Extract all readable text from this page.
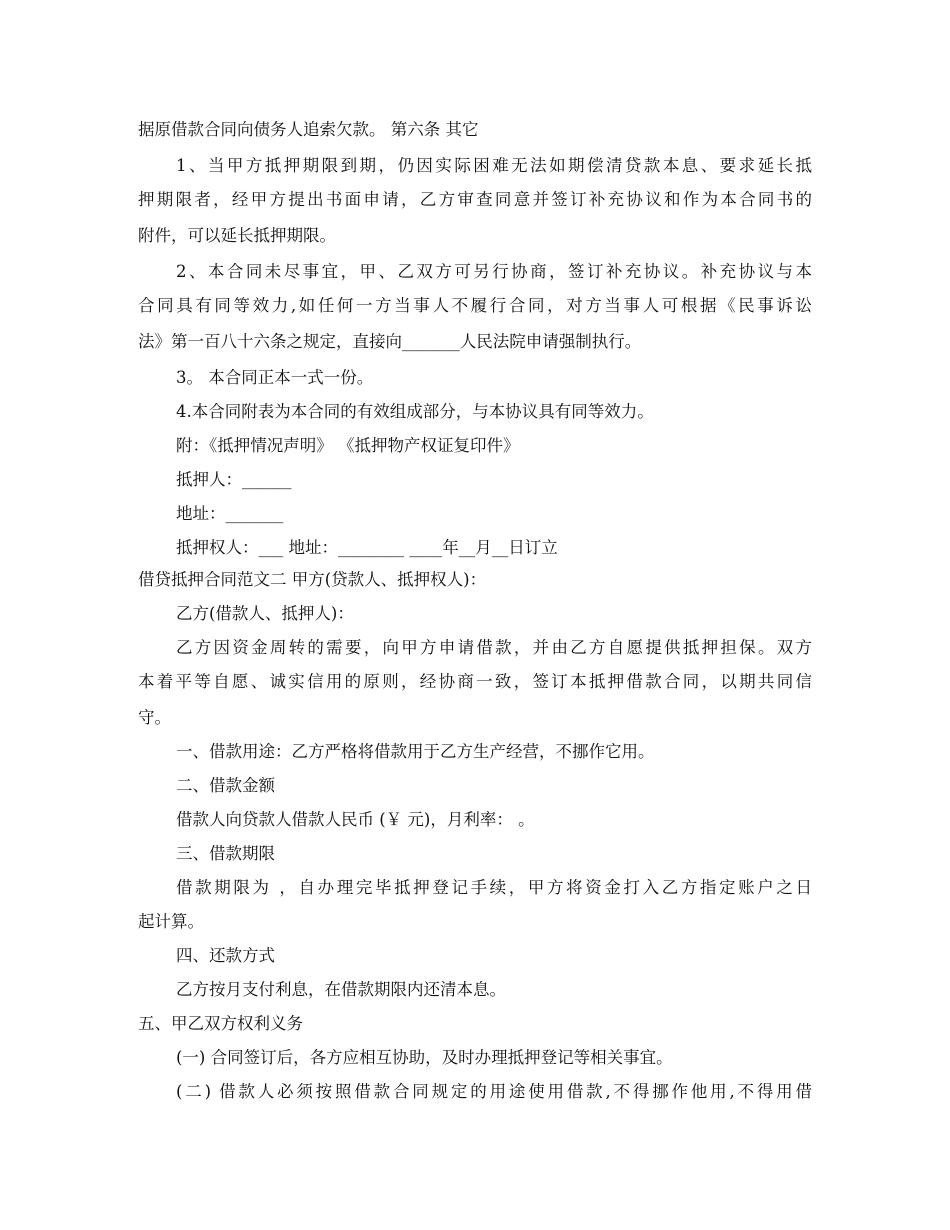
据原借款合同向债务人追索欠款。 第六条 其它
1、当甲方抵押期限到期，仍因实际困难无法如期偿清贷款本息、要求延长抵
押期限者，经甲方提出书面申请，乙方审查同意并签订补充协议和作为本合同书的
附件，可以延长抵押期限。
2、本合同未尽事宜，甲、乙双方可另行协商，签订补充协议。补充协议与本
合同具有同等效力,如任何一方当事人不履行合同，对方当事人可根据《民事诉讼
法》第一百八十六条之规定，直接向_______人民法院申请强制执行。
3。 本合同正本一式一份。
4.本合同附表为本合同的有效组成部分，与本协议具有同等效力。
附：《抵押情况声明》 《抵押物产权证复印件》
抵押人：______
地址：_______
抵押权人：___ 地址：________ ____年__月__日订立
借贷抵押合同范文二 甲方(贷款人、抵押权人)：
乙方(借款人、抵押人)：
乙方因资金周转的需要，向甲方申请借款，并由乙方自愿提供抵押担保。双方
本着平等自愿、诚实信用的原则，经协商一致，签订本抵押借款合同，以期共同信
守。
一、借款用途：乙方严格将借款用于乙方生产经营，不挪作它用。
二、借款金额
借款人向贷款人借款人民币 (￥ 元)，月利率： 。
三、借款期限
借款期限为 ，自办理完毕抵押登记手续，甲方将资金打入乙方指定账户之日
起计算。
四、还款方式
乙方按月支付利息，在借款期限内还清本息。
五、甲乙双方权利义务
(一) 合同签订后，各方应相互协助，及时办理抵押登记等相关事宜。
(二) 借款人必须按照借款合同规定的用途使用借款,不得挪作他用,不得用借
